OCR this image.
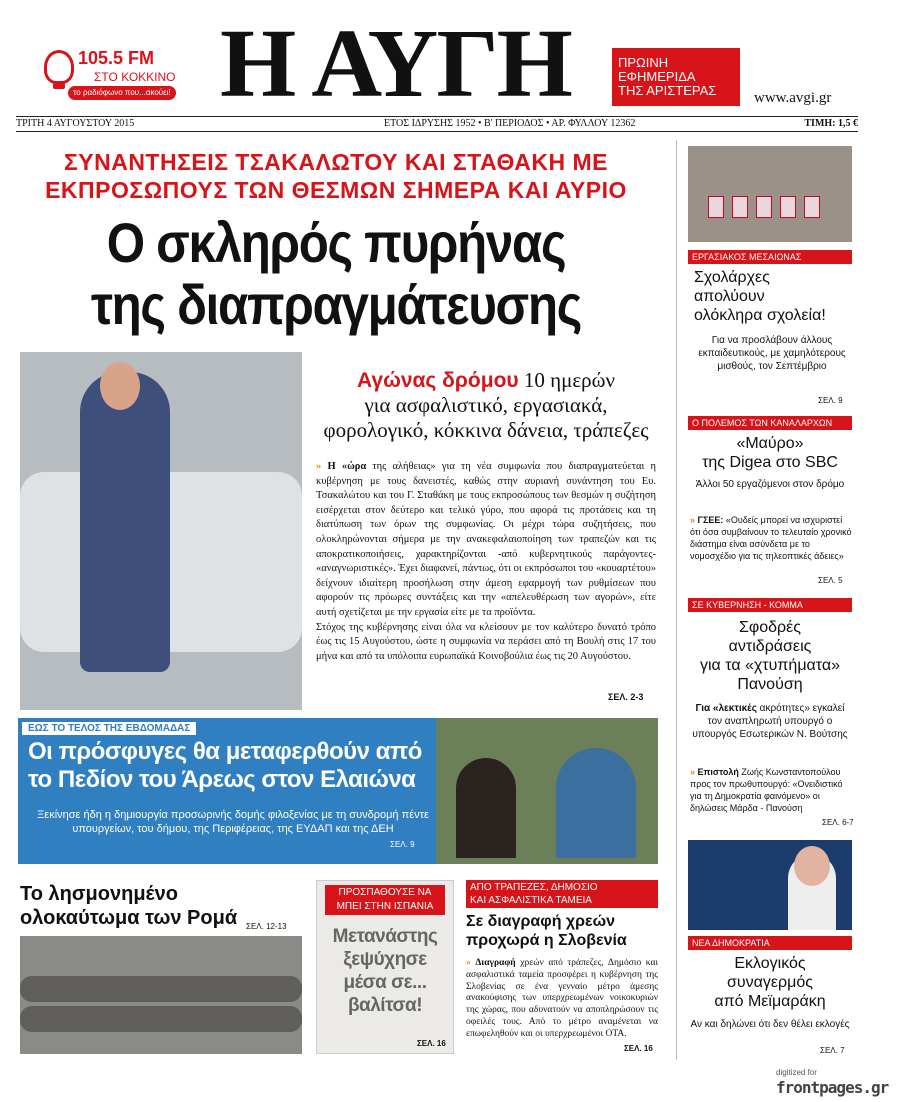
105.5 FM
ΣΤΟ ΚΟΚΚΙΝΟ
το ραδιόφωνο που...ακούει! Η ΑΥΓΗ	ΠΡΩΙΝΗ
ΕΦΗΜΕΡΙΔΑ
ΤΗΣ ΑΡΙΣΤΕΡΑΣ	www.avgi.gr
ΤΡΙΤΗ 4 ΑΥΓΟΥΣΤΟΥ 2015	ΕΤΟΣ ΙΔΡΥΣΗΣ 1952 • Β' ΠΕΡΙΟΔΟΣ • ΑΡ. ΦΥΛΛΟΥ 12362	ΤΙΜΗ: 1,5 €
ΣΥΝΑΝΤΗΣΕΙΣ ΤΣΑΚΑΛΩΤΟΥ ΚΑΙ ΣΤΑΘΑΚΗ ΜΕ
ΕΚΠΡΟΣΩΠΟΥΣ ΤΩΝ ΘΕΣΜΩΝ ΣΗΜΕΡΑ ΚΑΙ ΑΥΡΙΟ
Ο σκληρός πυρήνας
της διαπραγμάτευσης
Αγώνας δρόμου 10 ημερών
για ασφαλιστικό, εργασιακά,
φορολογικό, κόκκινα δάνεια, τράπεζες

» Η «ώρα της αλήθειας» για τη νέα συμφωνία που διαπραγματεύεται η κυβέρνηση με τους δανειστές, καθώς στην αυριανή συνάντηση του Ευ. Τσακαλώτου και του Γ. Σταθάκη με τους εκπροσώπους των θεσμών η συζήτηση εισέρχεται στον δεύτερο και τελικό γύρο, που αφορά τις προτάσεις και τη διατύπωση των όρων της συμφωνίας. Οι μέχρι τώρα συζητήσεις, που ολοκληρώνονται σήμερα με την ανακεφαλαιοποίηση των τραπεζών και τις αποκρατικοποιήσεις, χαρακτηρίζονται -από κυβερνητικούς παράγοντες- «αναγνωριστικές». Έχει διαφανεί, πάντως, ότι οι εκπρόσωποι του «κουαρτέτου» δείχνουν ιδιαίτερη προσήλωση στην άμεση εφαρμογή των ρυθμίσεων που αφορούν τις πρόωρες συντάξεις και την «απελευθέρωση των αγορών», είτε αυτή σχετίζεται με την εργασία είτε με τα προϊόντα.

Στόχος της κυβέρνησης είναι όλα να κλείσουν με τον καλύτερο δυνατό τρόπο έως τις 15 Αυγούστου, ώστε η συμφωνία να περάσει από τη Βουλή στις 17 του μήνα και από τα υπόλοιπα ευρωπαϊκά Κοινοβούλια έως τις 20 Αυγούστου.

ΣΕΛ. 2-3
ΕΩΣ ΤΟ ΤΕΛΟΣ ΤΗΣ ΕΒΔΟΜΑΔΑΣ
Οι πρόσφυγες θα μεταφερθούν από
το Πεδίον του Άρεως στον Ελαιώνα
Ξεκίνησε ήδη η δημιουργία προσωρινής δομής φιλοξενίας με τη συνδρομή πέντε υπουργείων, του δήμου, της Περιφέρειας, της ΕΥΔΑΠ και της ΔΕΗ
ΣΕΛ. 9
Το λησμονημένο
ολοκαύτωμα των Ρομά	ΣΕΛ. 12-13
ΠΡΟΣΠΑΘΟΥΣΕ ΝΑ
ΜΠΕΙ ΣΤΗΝ ΙΣΠΑΝΙΑ
Μετανάστης
ξεψύχησε
μέσα σε...
βαλίτσα!
ΣΕΛ. 16
ΑΠΟ ΤΡΑΠΕΖΕΣ, ΔΗΜΟΣΙΟ
ΚΑΙ ΑΣΦΑΛΙΣΤΙΚΑ ΤΑΜΕΙΑ
Σε διαγραφή χρεών
προχωρά η Σλοβενία
» Διαγραφή χρεών από τράπεζες, Δημόσιο και ασφαλιστικά ταμεία προσφέρει η κυβέρνηση της Σλοβενίας σε ένα γενναίο μέτρο άμεσης ανακούφισης των υπερχρεωμένων νοικοκυριών της χώρας, που αδυνατούν να αποπληρώσουν τις οφειλές τους. Από το μέτρο αναμένεται να επωφεληθούν και οι υπερχρεωμένοι ΟΤΑ.
ΣΕΛ. 16
ΕΡΓΑΣΙΑΚΟΣ ΜΕΣΑΙΩΝΑΣ
Σχολάρχες
απολύουν
ολόκληρα σχολεία!
Για να προσλάβουν άλλους εκπαιδευτικούς, με χαμηλότερους μισθούς, τον Σεπτέμβριο
ΣΕΛ. 9
Ο ΠΟΛΕΜΟΣ ΤΩΝ ΚΑΝΑΛΑΡΧΩΝ
«Μαύρο»
της Digea στο SBC
Άλλοι 50 εργαζόμενοι στον δρόμο
» ΓΣΕΕ: «Ουδείς μπορεί να ισχυριστεί ότι όσα συμβαίνουν το τελευταίο χρονικό διάστημα είναι ασύνδετα με το νομοσχέδιο για τις τηλεοπτικές άδειες»
ΣΕΛ. 5
ΣΕ ΚΥΒΕΡΝΗΣΗ - ΚΟΜΜΑ
Σφοδρές
αντιδράσεις
για τα «χτυπήματα»
Πανούση
Για «λεκτικές ακρότητες» εγκαλεί τον αναπληρωτή υπουργό ο υπουργός Εσωτερικών Ν. Βούτσης
» Επιστολή Ζωής Κωνσταντοπούλου προς τον πρωθυπουργό: «Ονειδιστικό για τη Δημοκρατία φαινόμενο» οι δηλώσεις Μάρδα - Πανούση
ΣΕΛ. 6-7
ΝΕΑ ΔΗΜΟΚΡΑΤΙΑ
Εκλογικός
συναγερμός
από Μεϊμαράκη
Αν και δηλώνει ότι δεν θέλει εκλογές
ΣΕΛ. 7
digitized for
frontpages.gr
